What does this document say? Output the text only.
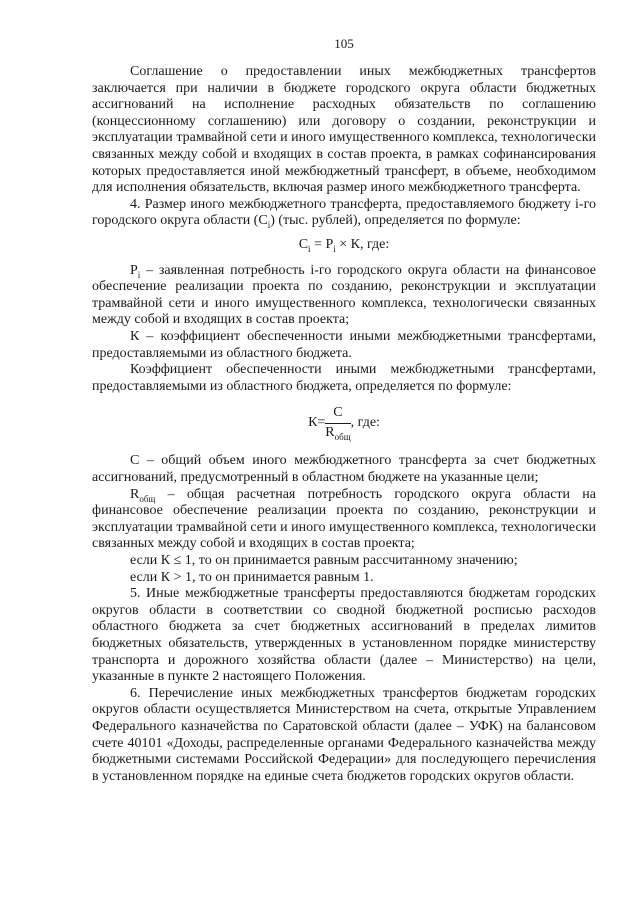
105

Соглашение о предоставлении иных межбюджетных трансфертов заключается при наличии в бюджете городского округа области бюджетных ассигнований на исполнение расходных обязательств по соглашению (концессионному соглашению) или договору о создании, реконструкции и эксплуатации трамвайной сети и иного имущественного комплекса, технологически связанных между собой и входящих в состав проекта, в рамках софинансирования которых предоставляется иной межбюджетный трансферт, в объеме, необходимом для исполнения обязательств, включая размер иного межбюджетного трансферта.

4. Размер иного межбюджетного трансферта, предоставляемого бюджету i-го городского округа области $(C_i)$ (тыс. рублей), определяется по формуле:

$C_i = P_i \times К$, где:

$P_i$ – заявленная потребность i-го городского округа области на финансовое обеспечение реализации проекта по созданию, реконструкции и эксплуатации трамвайной сети и иного имущественного комплекса, технологически связанных между собой и входящих в состав проекта;

К – коэффициент обеспеченности иными межбюджетными трансфертами, предоставляемыми из областного бюджета.

Коэффициент обеспеченности иными межбюджетными трансфертами, предоставляемыми из областного бюджета, определяется по формуле:

$К= \frac{C}{R_{общ}}$ , где:

C – общий объем иного межбюджетного трансферта за счет бюджетных ассигнований, предусмотренный в областном бюджете на указанные цели;

$R_{общ}$ – общая расчетная потребность городского округа области на финансовое обеспечение реализации проекта по созданию, реконструкции и эксплуатации трамвайной сети и иного имущественного комплекса, технологически связанных между собой и входящих в состав проекта;

если К ≤ 1, то он принимается равным рассчитанному значению;

если К > 1, то он принимается равным 1.

5. Иные межбюджетные трансферты предоставляются бюджетам городских округов области в соответствии со сводной бюджетной росписью расходов областного бюджета за счет бюджетных ассигнований в пределах лимитов бюджетных обязательств, утвержденных в установленном порядке министерству транспорта и дорожного хозяйства области (далее – Министерство) на цели, указанные в пункте 2 настоящего Положения.

6. Перечисление иных межбюджетных трансфертов бюджетам городских округов области осуществляется Министерством на счета, открытые Управлением Федерального казначейства по Саратовской области (далее – УФК) на балансовом счете 40101 «Доходы, распределенные органами Федерального казначейства между бюджетными системами Российской Федерации» для последующего перечисления в установленном порядке на единые счета бюджетов городских округов области.
